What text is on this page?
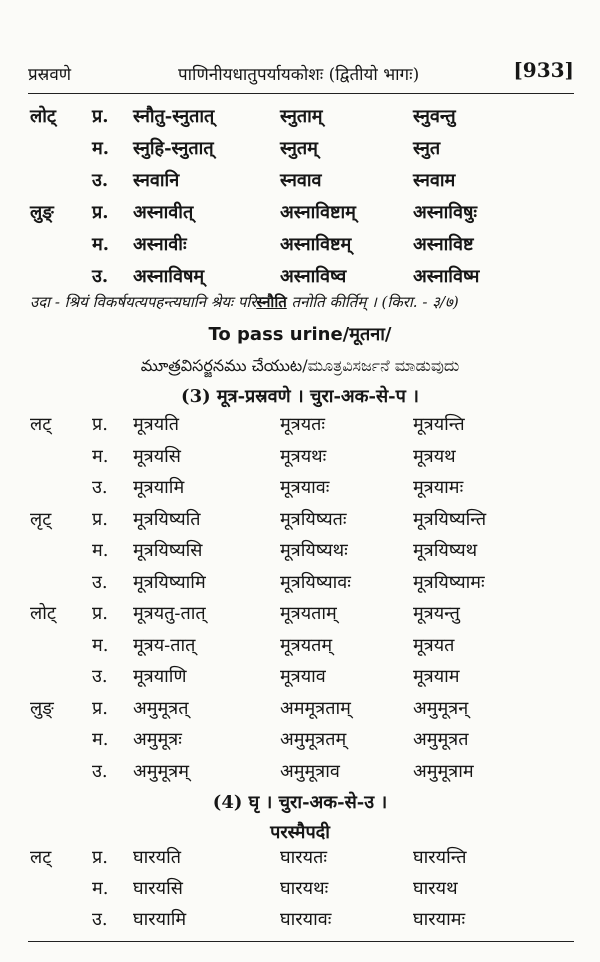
प्रस्रवणे	पाणिनीयधातुपर्यायकोशः (द्वितीयो भागः)	[933]
लोट् प्र. स्नौतु-स्नुतात्	स्नुताम्	स्नुवन्तु
म. स्नुहि-स्नुतात्	स्नुतम्	स्नुत
उ. स्नवानि	स्नवाव	स्नवाम
लुङ् प्र. अस्नावीत्	अस्नाविष्टाम्	अस्नाविषुः
म. अस्नावीः	अस्नाविष्टम्	अस्नाविष्ट
उ. अस्नाविषम्	अस्नाविष्व	अस्नाविष्म
उदा - श्रियं विकर्षयत्यपहन्त्यघानि श्रेयः परिस्नौति तनोति कीर्तिम् । (किरा. - ३/७)
To pass urine/मूतना/
మూత్రవిసర్జనము చేయుట/ಮೂತ್ರವಿಸರ್ಜನೆ ಮಾಡುವುದು
(3) मूत्र-प्रस्रवणे । चुरा-अक-से-प ।
लट् प्र. मूत्रयति	मूत्रयतः	मूत्रयन्ति
म. मूत्रयसि	मूत्रयथः	मूत्रयथ
उ. मूत्रयामि	मूत्रयावः	मूत्रयामः
लृट् प्र. मूत्रयिष्यति	मूत्रयिष्यतः	मूत्रयिष्यन्ति
म. मूत्रयिष्यसि	मूत्रयिष्यथः	मूत्रयिष्यथ
उ. मूत्रयिष्यामि	मूत्रयिष्यावः	मूत्रयिष्यामः
लोट् प्र. मूत्रयतु-तात्	मूत्रयताम्	मूत्रयन्तु
म. मूत्रय-तात्	मूत्रयतम्	मूत्रयत
उ. मूत्रयाणि	मूत्रयाव	मूत्रयाम
लुङ् प्र. अमुमूत्रत्	अममूत्रताम्	अमुमूत्रन्
म. अमुमूत्रः	अमुमूत्रतम्	अमुमूत्रत
उ. अमुमूत्रम्	अमुमूत्राव	अमुमूत्राम
(4) घृ । चुरा-अक-से-उ ।
परस्मैपदी
लट् प्र. घारयति	घारयतः	घारयन्ति
म. घारयसि	घारयथः	घारयथ
उ. घारयामि	घारयावः	घारयामः
